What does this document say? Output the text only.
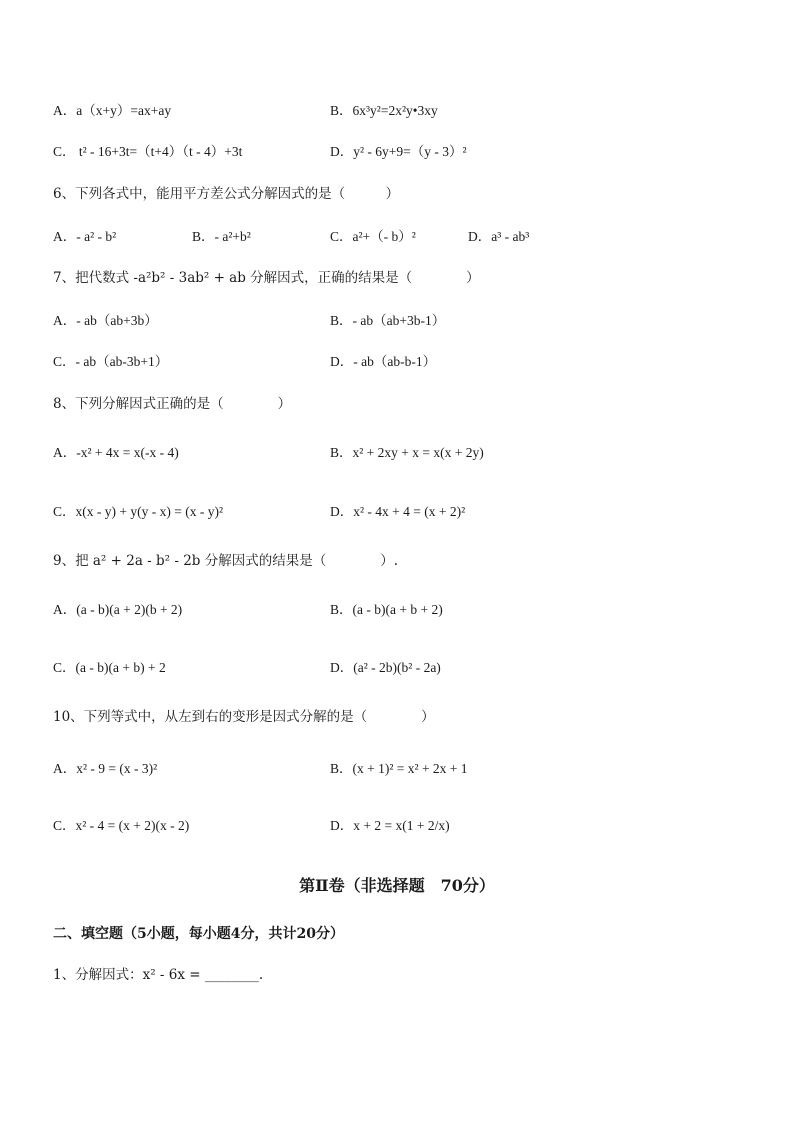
A．a（x+y）=ax+ay	B．6x³y²=2x²y•3xy
C． t² - 16+3t=（t+4）（t - 4）+3t	D．y² - 6y+9=（y - 3）²
6、下列各式中，能用平方差公式分解因式的是（　　　）
A．- a² - b²	B．- a²+b²	C．a²+（- b）²	D．a³ - ab³
7、把代数式 -a²b² - 3ab² + ab 分解因式，正确的结果是（　　　　）
A．- ab（ab+3b）	B．- ab（ab+3b-1）
C．- ab（ab-3b+1）	D．- ab（ab-b-1）
8、下列分解因式正确的是（　　　　）
A．-x² + 4x = x(-x - 4)	B．x² + 2xy + x = x(x + 2y)
C．x(x - y) + y(y - x) = (x - y)²	D．x² - 4x + 4 = (x + 2)²
9、把 a² + 2a - b² - 2b 分解因式的结果是（　　　　）.
A．(a - b)(a + 2)(b + 2)	B．(a - b)(a + b + 2)
C．(a - b)(a + b) + 2	D．(a² - 2b)(b² - 2a)
10、下列等式中，从左到右的变形是因式分解的是（　　　　）
A．x² - 9 = (x - 3)²	B．(x + 1)² = x² + 2x + 1
C．x² - 4 = (x + 2)(x - 2)	D．x + 2 = x(1 + 2/x)
第Ⅱ卷（非选择题　70分）
二、填空题（5小题，每小题4分，共计20分）
1、分解因式：x² - 6x = ________.
